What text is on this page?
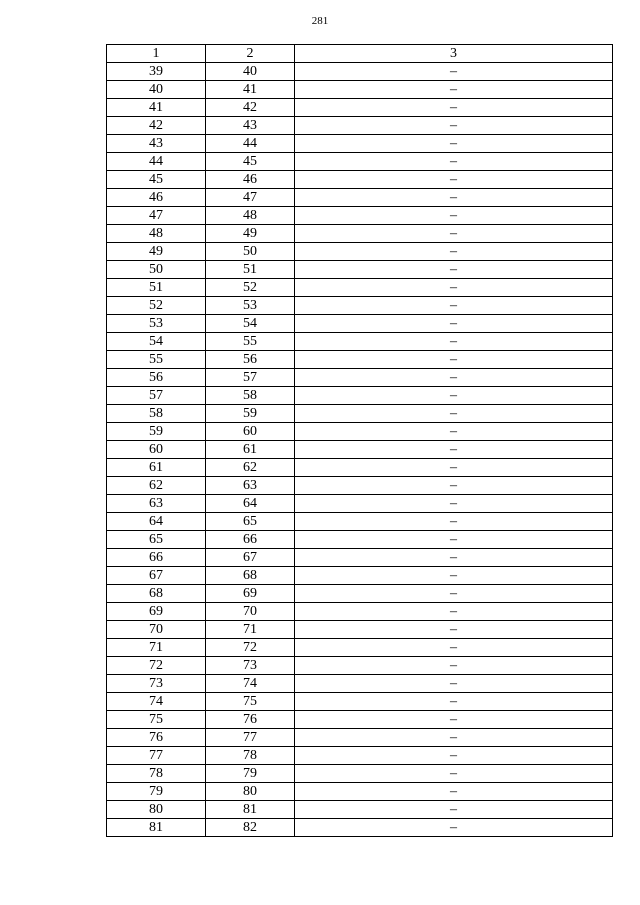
281
1	2	3
39	40	–
40	41	–
41	42	–
42	43	–
43	44	–
44	45	–
45	46	–
46	47	–
47	48	–
48	49	–
49	50	–
50	51	–
51	52	–
52	53	–
53	54	–
54	55	–
55	56	–
56	57	–
57	58	–
58	59	–
59	60	–
60	61	–
61	62	–
62	63	–
63	64	–
64	65	–
65	66	–
66	67	–
67	68	–
68	69	–
69	70	–
70	71	–
71	72	–
72	73	–
73	74	–
74	75	–
75	76	–
76	77	–
77	78	–
78	79	–
79	80	–
80	81	–
81	82	–
